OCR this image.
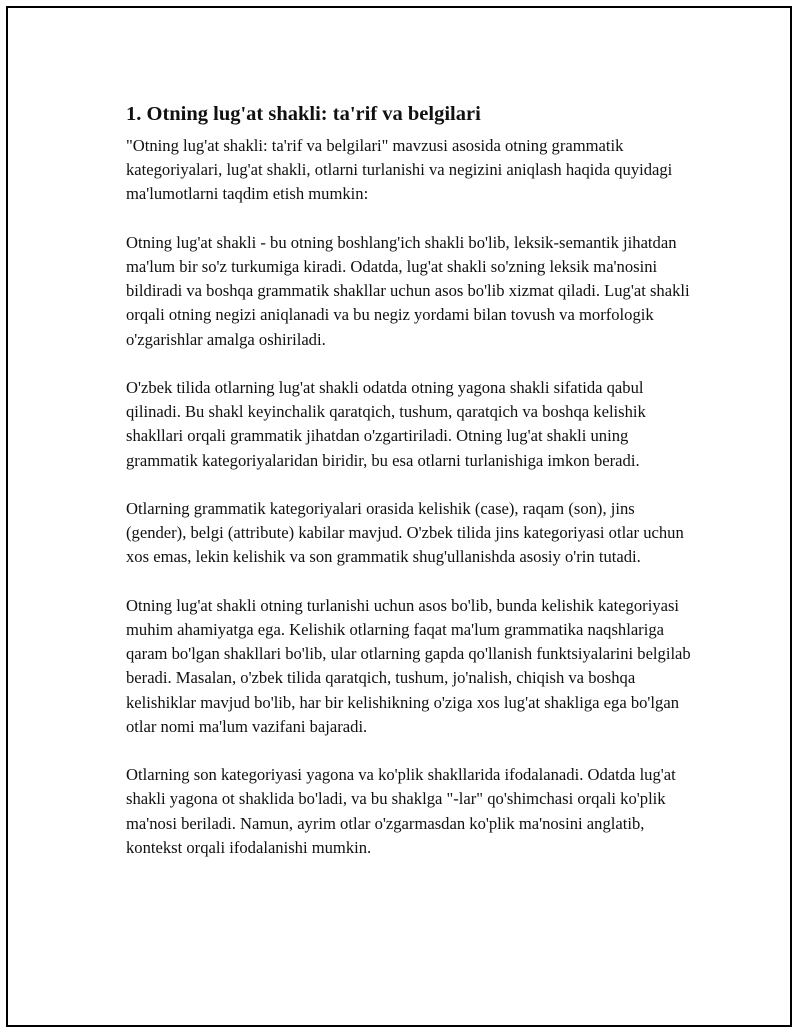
1. Otning lug'at shakli: ta'rif va belgilari

"Otning lug'at shakli: ta'rif va belgilari" mavzusi asosida otning grammatik kategoriyalari, lug'at shakli, otlarni turlanishi va negizini aniqlash haqida quyidagi ma'lumotlarni taqdim etish mumkin:

Otning lug'at shakli - bu otning boshlang'ich shakli bo'lib, leksik-semantik jihatdan ma'lum bir so'z turkumiga kiradi. Odatda, lug'at shakli so'zning leksik ma'nosini bildiradi va boshqa grammatik shakllar uchun asos bo'lib xizmat qiladi. Lug'at shakli orqali otning negizi aniqlanadi va bu negiz yordami bilan tovush va morfologik o'zgarishlar amalga oshiriladi.

O'zbek tilida otlarning lug'at shakli odatda otning yagona shakli sifatida qabul qilinadi. Bu shakl keyinchalik qaratqich, tushum, qaratqich va boshqa kelishik shakllari orqali grammatik jihatdan o'zgartiriladi. Otning lug'at shakli uning grammatik kategoriyalaridan biridir, bu esa otlarni turlanishiga imkon beradi.

Otlarning grammatik kategoriyalari orasida kelishik (case), raqam (son), jins (gender), belgi (attribute) kabilar mavjud. O'zbek tilida jins kategoriyasi otlar uchun xos emas, lekin kelishik va son grammatik shug'ullanishda asosiy o'rin tutadi.

Otning lug'at shakli otning turlanishi uchun asos bo'lib, bunda kelishik kategoriyasi muhim ahamiyatga ega. Kelishik otlarning faqat ma'lum grammatika naqshlariga qaram bo'lgan shakllari bo'lib, ular otlarning gapda qo'llanish funktsiyalarini belgilab beradi. Masalan, o'zbek tilida qaratqich, tushum, jo'nalish, chiqish va boshqa kelishiklar mavjud bo'lib, har bir kelishikning o'ziga xos lug'at shakliga ega bo'lgan otlar nomi ma'lum vazifani bajaradi.

Otlarning son kategoriyasi yagona va ko'plik shakllarida ifodalanadi. Odatda lug'at shakli yagona ot shaklida bo'ladi, va bu shaklga "-lar" qo'shimchasi orqali ko'plik ma'nosi beriladi. Namun, ayrim otlar o'zgarmasdan ko'plik ma'nosini anglatib, kontekst orqali ifodalanishi mumkin.
